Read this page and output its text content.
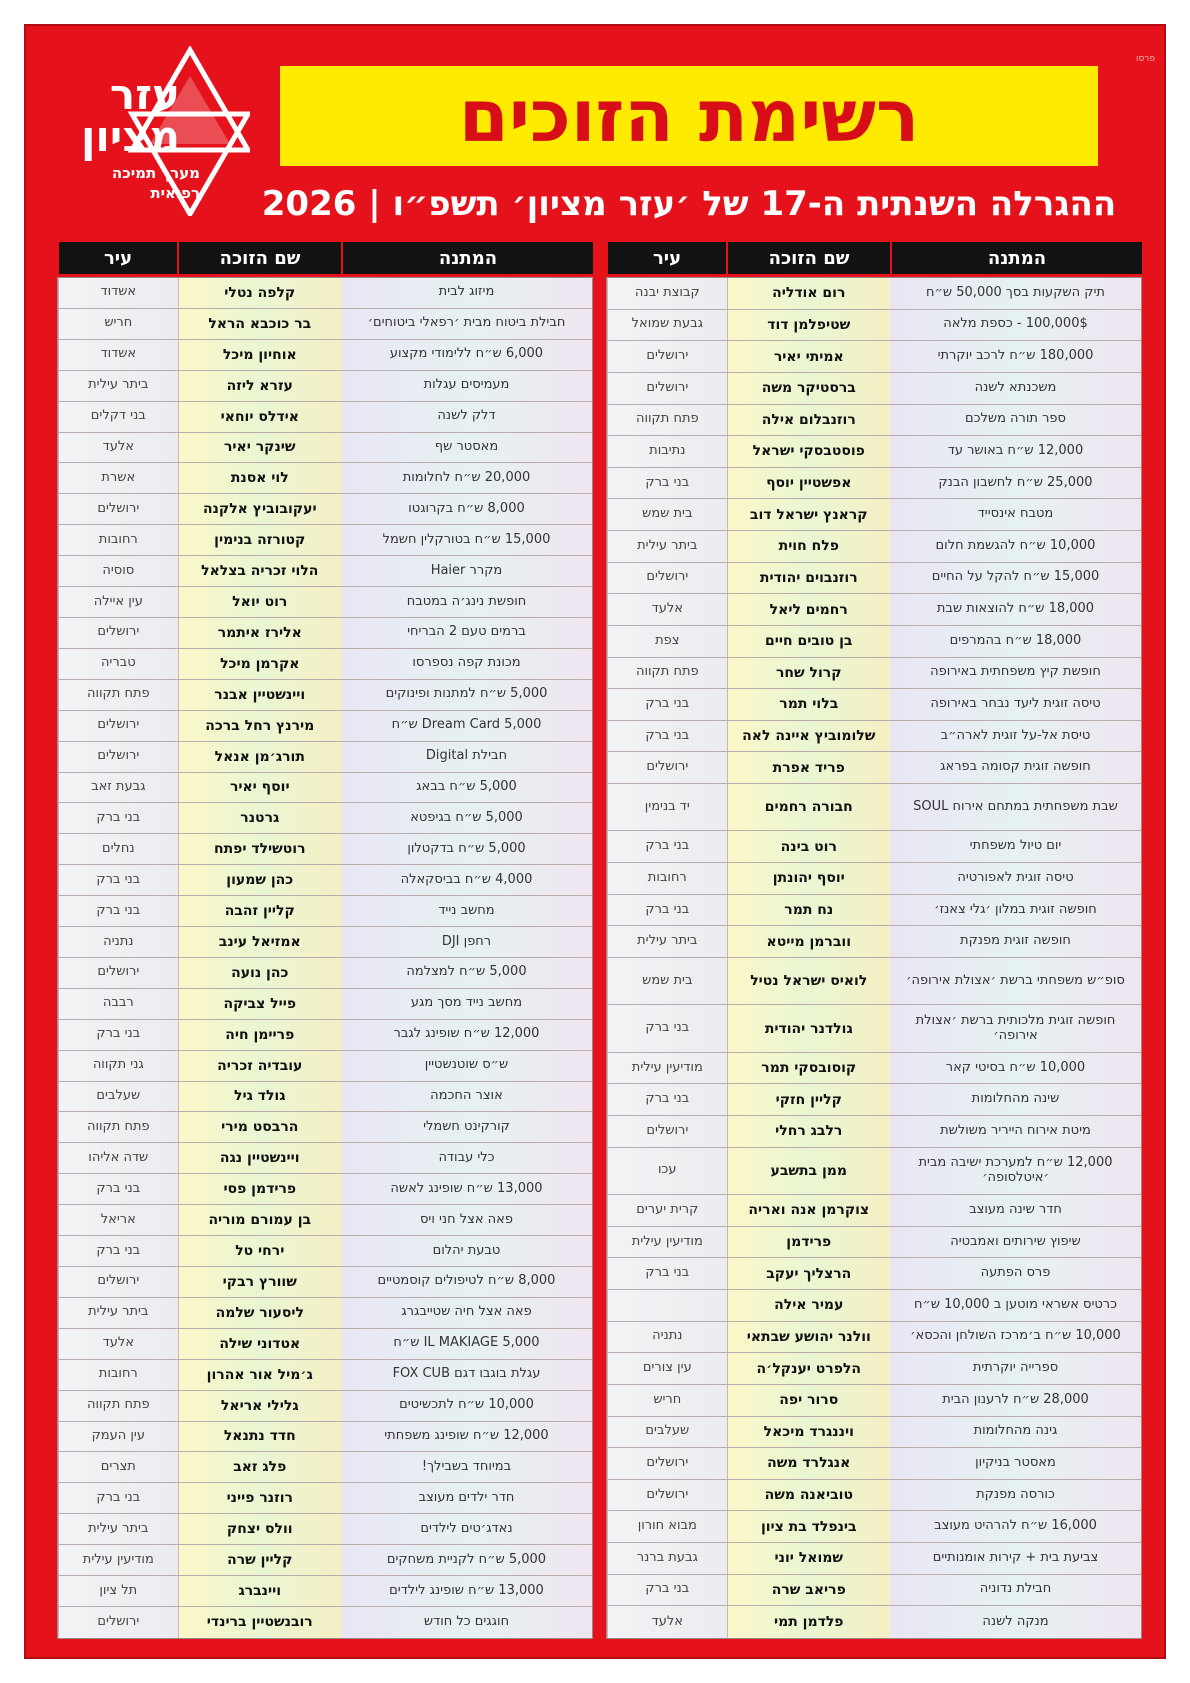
פרסו
עזר
מציון
מערך תמיכה
רפואית
רשימת הזוכים
ההגרלה השנתית ה-17 של ׳עזר מציון׳ תשפ״ו | 2026
המתנה
שם הזוכה
עיר
תיק השקעות בסך 50,000 ש״ח
רום אודליה
קבוצת יבנה
100,000$ - כספת מלאה
שטיפלמן דוד
גבעת שמואל
180,000 ש״ח לרכב יוקרתי
אמיתי יאיר
ירושלים
משכנתא לשנה
ברסטיקר משה
ירושלים
ספר תורה משלכם
רוזנבלום אילה
פתח תקווה
12,000 ש״ח באושר עד
פוסטבסקי ישראל
נתיבות
25,000 ש״ח לחשבון הבנק
אפשטיין יוסף
בני ברק
מטבח אינסייד
קראנץ ישראל דוב
בית שמש
10,000 ש״ח להגשמת חלום
פלח חוית
ביתר עילית
15,000 ש״ח להקל על החיים
רוזנבוים יהודית
ירושלים
18,000 ש״ח להוצאות שבת
רחמים ליאל
אלעד
18,000 ש״ח בהמרפים
בן טובים חיים
צפת
חופשת קיץ משפחתית באירופה
קרול שחר
פתח תקווה
טיסה זוגית ליעד נבחר באירופה
בלוי תמר
בני ברק
טיסת אל-על זוגית לארה״ב
שלומוביץ איינה לאה
בני ברק
חופשה זוגית קסומה בפראג
פריד אפרת
ירושלים
שבת משפחתית במתחם אירוח SOUL
חבורה רחמים
יד בנימין
יום טיול משפחתי
רוט בינה
בני ברק
טיסה זוגית לאפורטיה
יוסף יהונתן
רחובות
חופשה זוגית במלון ׳גלי צאנז׳
נח תמר
בני ברק
חופשה זוגית מפנקת
ווברמן מייטא
ביתר עילית
סופ״ש משפחתי ברשת ׳אצולת אירופה׳
לואיס ישראל נטיל
בית שמש
חופשה זוגית מלכותית ברשת ׳אצולת אירופה׳
גולדנר יהודית
בני ברק
10,000 ש״ח בסיטי קאר
קוסובסקי תמר
מודיעין עילית
שינה מהחלומות
קליין חזקי
בני ברק
מיטת אירוח הייריר משולשת
רלבג רחלי
ירושלים
12,000 ש״ח למערכת ישיבה מבית ׳איטלסופה׳
ממן בתשבע
עכו
חדר שינה מעוצב
צוקרמן אנה ואריה
קרית יערים
שיפוץ שירותים ואמבטיה
פרידמן
מודיעין עילית
פרס הפתעה
הרצליך יעקב
בני ברק
כרטיס אשראי מוטען ב 10,000 ש״ח
עמיר אילה
10,000 ש״ח ב׳מרכז השולחן והכסא׳
וולנר יהושע שבתאי
נתניה
ספרייה יוקרתית
הלפרט יענקל׳ה
עין צורים
28,000 ש״ח לרענון הבית
סרור יפה
חריש
גינה מהחלומות
ויננגרד מיכאל
שעלבים
מאסטר בניקיון
אנגלרד משה
ירושלים
כורסה מפנקת
טוביאנה משה
ירושלים
16,000 ש״ח להרהיט מעוצב
בינפלד בת ציון
מבוא חורון
צביעת בית + קירות אומנותיים
שמואל יוני
גבעת ברנר
חבילת נדוניה
פריאב שרה
בני ברק
מנקה לשנה
פלדמן תמי
אלעד
המתנה
שם הזוכה
עיר
מיזוג לבית
קלפה נטלי
אשדוד
חבילת ביטוח מבית ׳רפאלי ביטוחים׳
בר כוכבא הראל
חריש
6,000 ש״ח ללימודי מקצוע
אוחיון מיכל
אשדוד
מעמיסים עגלות
עזרא ליזה
ביתר עילית
דלק לשנה
אידלס יוחאי
בני דקלים
מאסטר שף
שינקר יאיר
אלעד
20,000 ש״ח לחלומות
לוי אסנת
אשרת
8,000 ש״ח בקרוגטו
יעקובוביץ אלקנה
ירושלים
15,000 ש״ח בטורקלין חשמל
קטורזה בנימין
רחובות
מקרר Haier
הלוי זכריה בצלאל
סוסיה
חופשת נינג׳ה במטבח
רוט יואל
עין איילה
ברמים טעם 2 הבריחי
אלירז איתמר
ירושלים
מכונת קפה נספרסו
אקרמן מיכל
טבריה
5,000 ש״ח למתנות ופינוקים
ויינשטיין אבנר
פתח תקווה
Dream Card 5,000 ש״ח
מירנץ רחל ברכה
ירושלים
חבילת Digital
תורג׳מן אנאל
ירושלים
5,000 ש״ח בבאג
יוסף יאיר
גבעת זאב
5,000 ש״ח בגיפטא
גרטנר
בני ברק
5,000 ש״ח בדקטלון
רוטשילד יפתח
נחלים
4,000 ש״ח בביסקאלה
כהן שמעון
בני ברק
מחשב נייד
קליין זהבה
בני ברק
רחפן DJI
אמזיאל עינב
נתניה
5,000 ש״ח למצלמה
כהן נועה
ירושלים
מחשב נייד מסך מגע
פייל צביקה
רבבה
12,000 ש״ח שופינג לגבר
פריימן חיה
בני ברק
ש״ס שוטנשטיין
עובדיה זכריה
גני תקווה
אוצר החכמה
גולד גיל
שעלבים
קורקינט חשמלי
הרבסט מירי
פתח תקווה
כלי עבודה
ויינשטיין נגה
שדה אליהו
13,000 ש״ח שופינג לאשה
פרידמן פסי
בני ברק
פאה אצל חני ויס
בן עמורם מוריה
אריאל
טבעת יהלום
ירחי טל
בני ברק
8,000 ש״ח לטיפולים קוסמטיים
שוורץ רבקי
ירושלים
פאה אצל חיה שטייבגרג
ליסעור שלמה
ביתר עילית
IL MAKIAGE 5,000 ש״ח
אטדוני שילה
אלעד
עגלת בוגבו דגם FOX CUB
ג׳מיל אור אהרון
רחובות
10,000 ש״ח לתכשיטים
גלילי אריאל
פתח תקווה
12,000 ש״ח שופינג משפחתי
חדד נתנאל
עין העמק
במיוחד בשבילך!
פלג זאב
תצרים
חדר ילדים מעוצב
רוזנר פייני
בני ברק
נאדג׳טים לילדים
וולס יצחק
ביתר עילית
5,000 ש״ח לקניית משחקים
קליין שרה
מודיעין עילית
13,000 ש״ח שופינג לילדים
ויינברג
תל ציון
חוגגים כל חודש
רובנשטיין ברינדי
ירושלים
